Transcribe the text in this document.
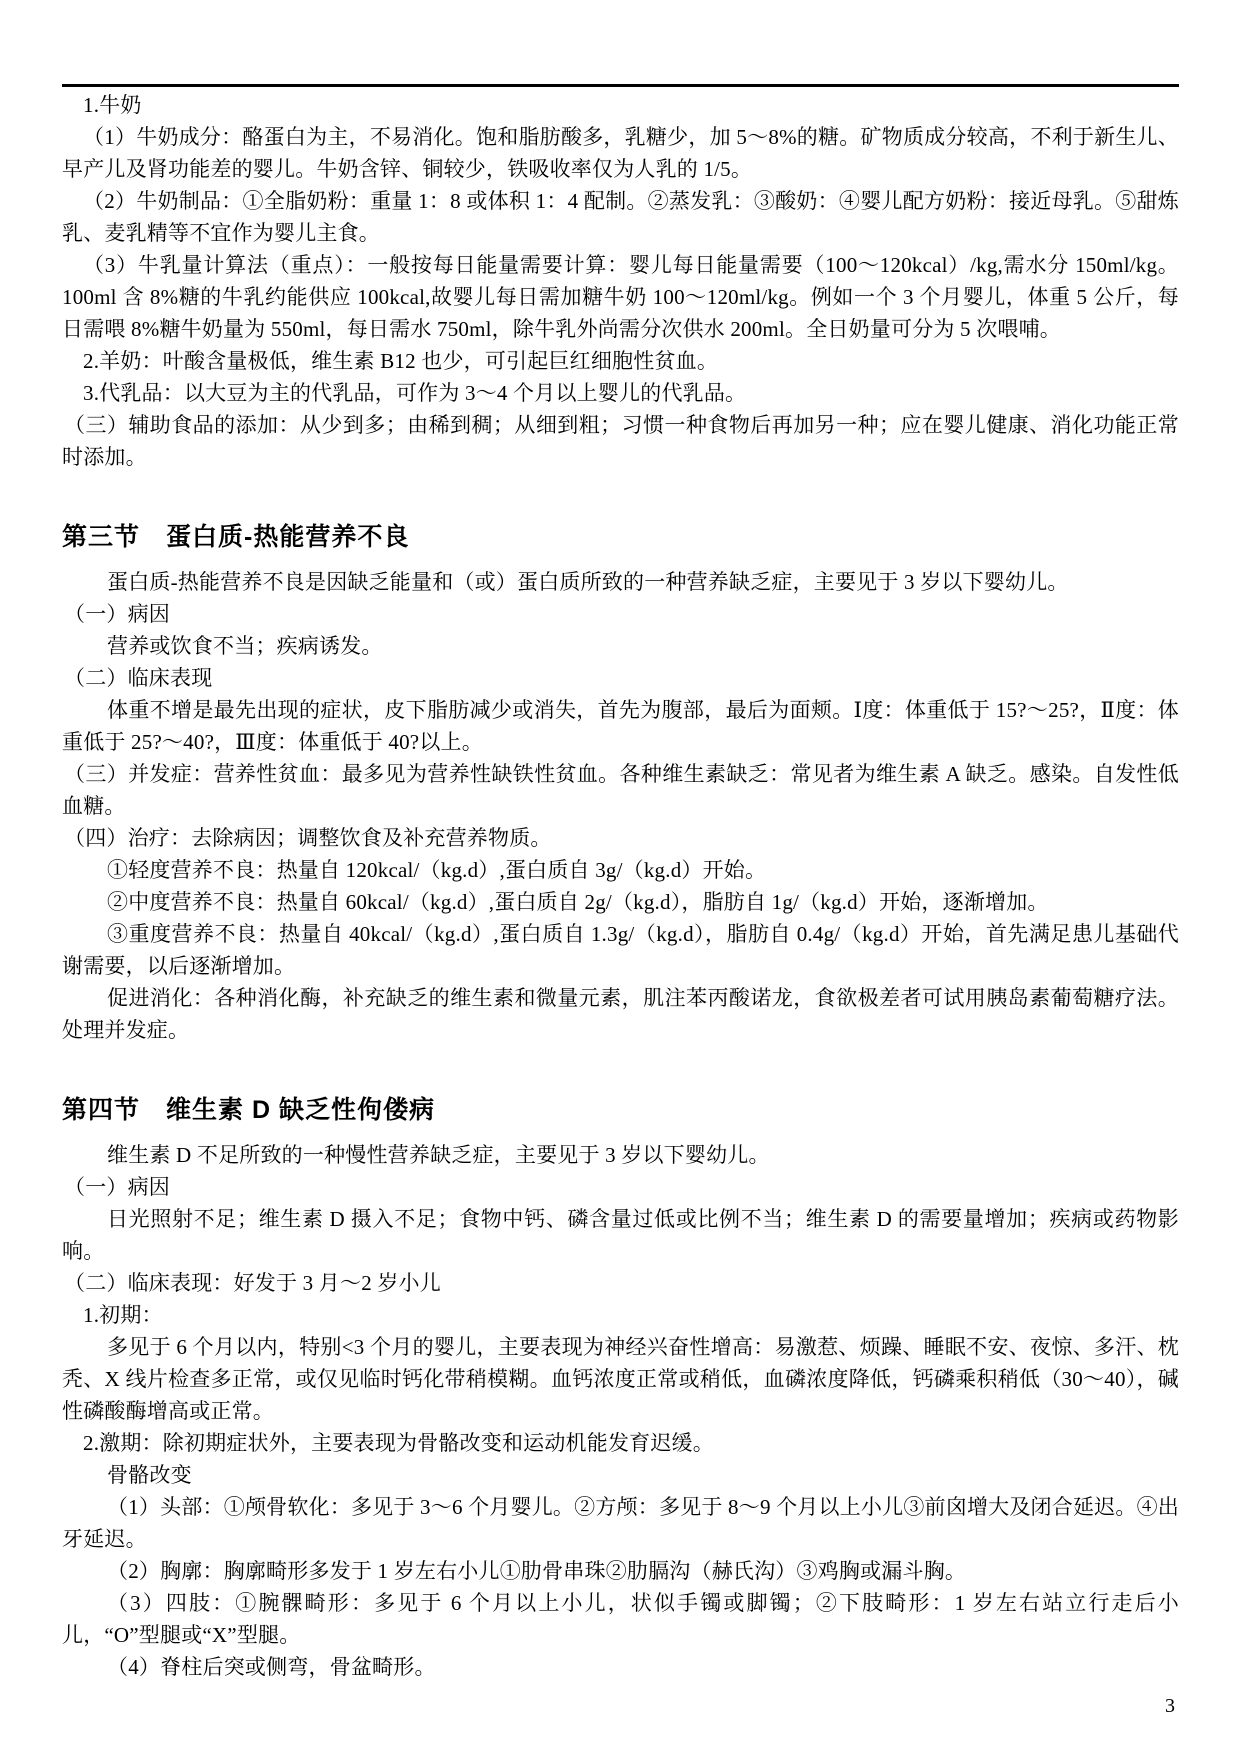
1.牛奶

（1）牛奶成分：酪蛋白为主，不易消化。饱和脂肪酸多，乳糖少，加 5～8%的糖。矿物质成分较高，不利于新生儿、早产儿及肾功能差的婴儿。牛奶含锌、铜较少，铁吸收率仅为人乳的 1/5。

（2）牛奶制品：①全脂奶粉：重量 1：8 或体积 1：4 配制。②蒸发乳：③酸奶：④婴儿配方奶粉：接近母乳。⑤甜炼乳、麦乳精等不宜作为婴儿主食。

（3）牛乳量计算法（重点）：一般按每日能量需要计算：婴儿每日能量需要（100～120kcal）/kg,需水分 150ml/kg。100ml 含 8%糖的牛乳约能供应 100kcal,故婴儿每日需加糖牛奶 100～120ml/kg。例如一个 3 个月婴儿，体重 5 公斤，每日需喂 8%糖牛奶量为 550ml，每日需水 750ml，除牛乳外尚需分次供水 200ml。全日奶量可分为 5 次喂哺。

2.羊奶：叶酸含量极低，维生素 B12 也少，可引起巨红细胞性贫血。

3.代乳品：以大豆为主的代乳品，可作为 3～4 个月以上婴儿的代乳品。

（三）辅助食品的添加：从少到多；由稀到稠；从细到粗；习惯一种食物后再加另一种；应在婴儿健康、消化功能正常时添加。

第三节 蛋白质-热能营养不良

蛋白质-热能营养不良是因缺乏能量和（或）蛋白质所致的一种营养缺乏症，主要见于 3 岁以下婴幼儿。

（一）病因

营养或饮食不当；疾病诱发。

（二）临床表现

体重不增是最先出现的症状，皮下脂肪减少或消失，首先为腹部，最后为面颊。Ⅰ度：体重低于 15?～25?，Ⅱ度：体重低于 25?～40?，Ⅲ度：体重低于 40?以上。

（三）并发症：营养性贫血：最多见为营养性缺铁性贫血。各种维生素缺乏：常见者为维生素 A 缺乏。感染。自发性低血糖。

（四）治疗：去除病因；调整饮食及补充营养物质。

①轻度营养不良：热量自 120kcal/（kg.d）,蛋白质自 3g/（kg.d）开始。

②中度营养不良：热量自 60kcal/（kg.d）,蛋白质自 2g/（kg.d），脂肪自 1g/（kg.d）开始，逐渐增加。

③重度营养不良：热量自 40kcal/（kg.d）,蛋白质自 1.3g/（kg.d），脂肪自 0.4g/（kg.d）开始，首先满足患儿基础代谢需要，以后逐渐增加。

促进消化：各种消化酶，补充缺乏的维生素和微量元素，肌注苯丙酸诺龙，食欲极差者可试用胰岛素葡萄糖疗法。处理并发症。

第四节 维生素 D 缺乏性佝偻病

维生素 D 不足所致的一种慢性营养缺乏症，主要见于 3 岁以下婴幼儿。

（一）病因

日光照射不足；维生素 D 摄入不足；食物中钙、磷含量过低或比例不当；维生素 D 的需要量增加；疾病或药物影响。

（二）临床表现：好发于 3 月～2 岁小儿

1.初期：

多见于 6 个月以内，特别<3 个月的婴儿，主要表现为神经兴奋性增高：易激惹、烦躁、睡眠不安、夜惊、多汗、枕秃、X 线片检查多正常，或仅见临时钙化带稍模糊。血钙浓度正常或稍低，血磷浓度降低，钙磷乘积稍低（30～40），碱性磷酸酶增高或正常。

2.激期：除初期症状外，主要表现为骨骼改变和运动机能发育迟缓。

骨骼改变

（1）头部：①颅骨软化：多见于 3～6 个月婴儿。②方颅：多见于 8～9 个月以上小儿③前囟增大及闭合延迟。④出牙延迟。

（2）胸廓：胸廓畸形多发于 1 岁左右小儿①肋骨串珠②肋膈沟（赫氏沟）③鸡胸或漏斗胸。

（3）四肢：①腕髁畸形：多见于 6 个月以上小儿，状似手镯或脚镯；②下肢畸形：1 岁左右站立行走后小儿，“O”型腿或“X”型腿。

（4）脊柱后突或侧弯，骨盆畸形。

3
